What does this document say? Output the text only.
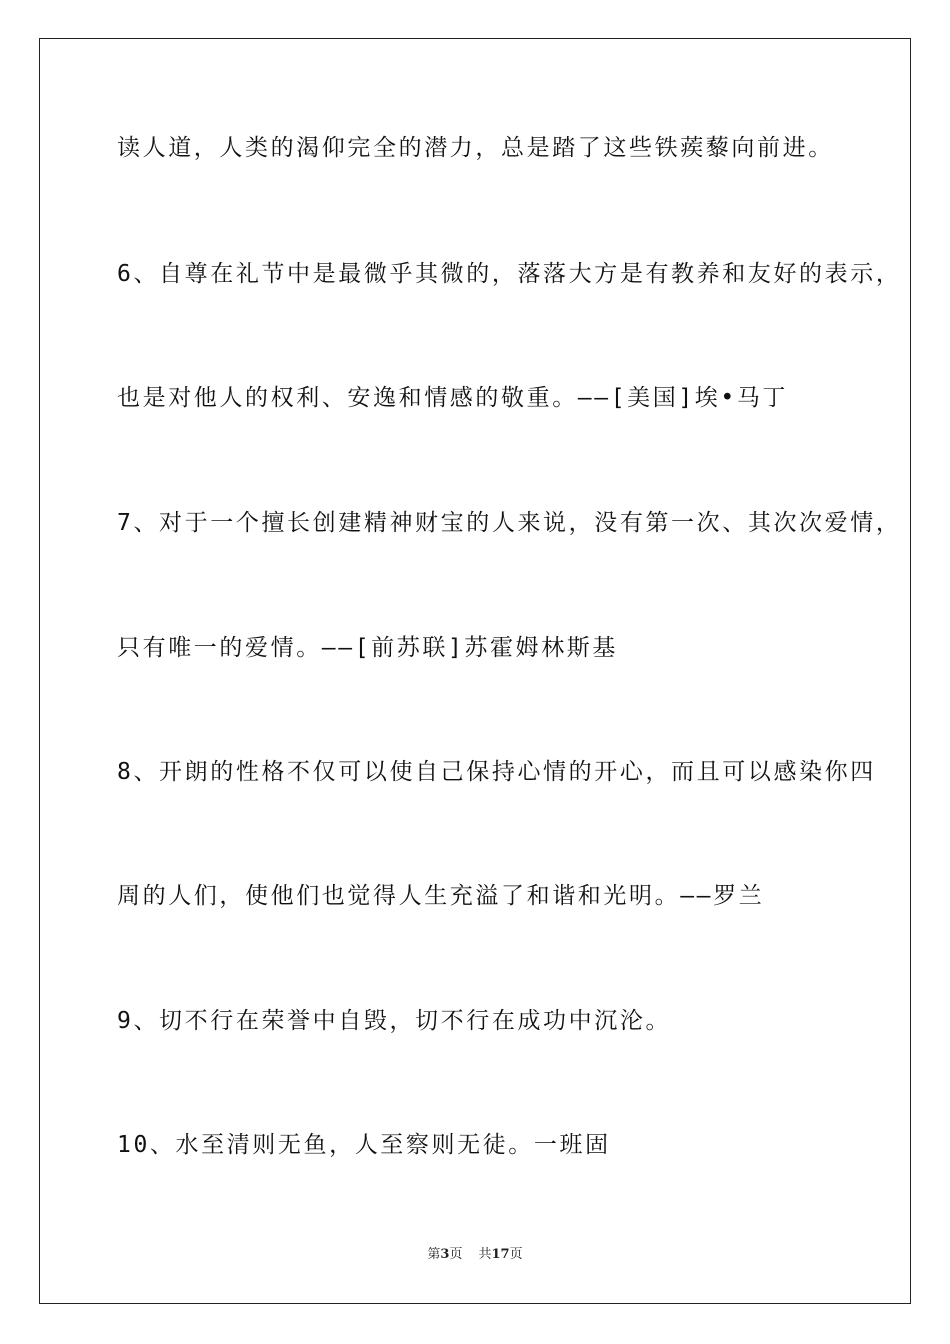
读人道，人类的渴仰完全的潜力，总是踏了这些铁蒺藜向前进。
6、自尊在礼节中是最微乎其微的，落落大方是有教养和友好的表示，
也是对他人的权利、安逸和情感的敬重。——[美国]埃•马丁
7、对于一个擅长创建精神财宝的人来说，没有第一次、其次次爱情，
只有唯一的爱情。——[前苏联]苏霍姆林斯基
8、开朗的性格不仅可以使自己保持心情的开心，而且可以感染你四
周的人们，使他们也觉得人生充溢了和谐和光明。——罗兰
9、切不行在荣誉中自毁，切不行在成功中沉沦。
10、水至清则无鱼，人至察则无徒。一班固
第3页 共17页
